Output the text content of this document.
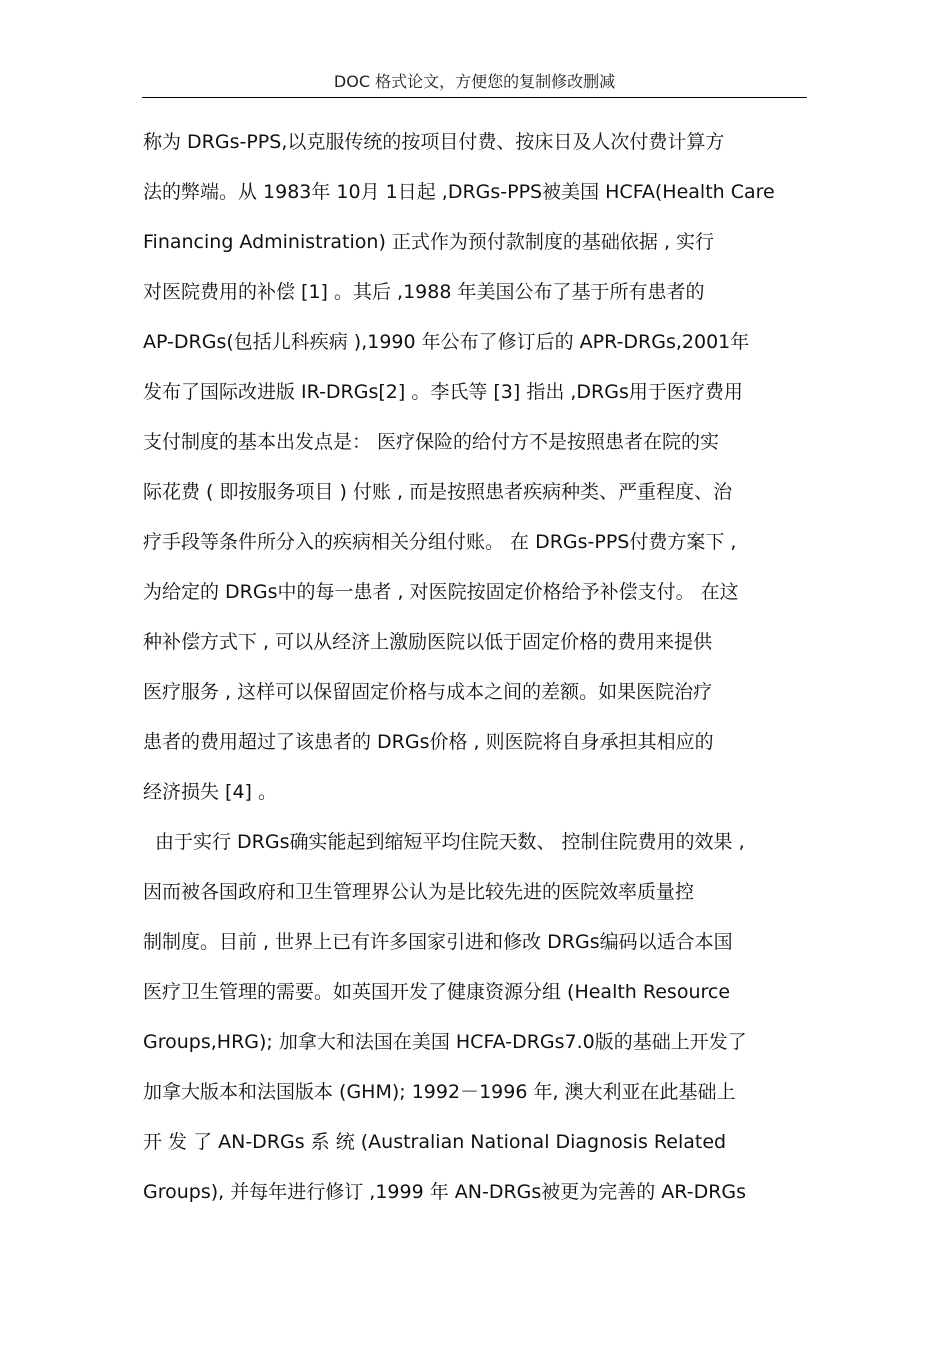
DOC 格式论文，方便您的复制修改删减
称为 DRGs-PPS,以克服传统的按项目付费、按床日及人次付费计算方
法的弊端。从 1983年 10月 1日起 ,DRGs-PPS被美国 HCFA(Health Care
Financing Administration) 正式作为预付款制度的基础依据 , 实行
对医院费用的补偿 [1] 。其后 ,1988 年美国公布了基于所有患者的
AP-DRGs(包括儿科疾病 ),1990 年公布了修订后的 APR-DRGs,2001年
发布了国际改进版 IR-DRGs[2] 。李氏等 [3] 指出 ,DRGs用于医疗费用
支付制度的基本出发点是： 医疗保险的给付方不是按照患者在院的实
际花费 ( 即按服务项目 ) 付账 , 而是按照患者疾病种类、严重程度、治
疗手段等条件所分入的疾病相关分组付账。 在 DRGs-PPS付费方案下 ,
为给定的 DRGs中的每一患者 , 对医院按固定价格给予补偿支付。 在这
种补偿方式下 , 可以从经济上激励医院以低于固定价格的费用来提供
医疗服务 , 这样可以保留固定价格与成本之间的差额。如果医院治疗
患者的费用超过了该患者的 DRGs价格 , 则医院将自身承担其相应的
经济损失 [4] 。
由于实行 DRGs确实能起到缩短平均住院天数、 控制住院费用的效果 ,
因而被各国政府和卫生管理界公认为是比较先进的医院效率质量控
制制度。目前 , 世界上已有许多国家引进和修改 DRGs编码以适合本国
医疗卫生管理的需要。如英国开发了健康资源分组 (Health Resource
Groups,HRG); 加拿大和法国在美国 HCFA-DRGs7.0版的基础上开发了
加拿大版本和法国版本 (GHM); 1992－1996 年, 澳大利亚在此基础上
开 发 了 AN-DRGs 系 统 (Australian National Diagnosis Related
Groups), 并每年进行修订 ,1999 年 AN-DRGs被更为完善的 AR-DRGs
